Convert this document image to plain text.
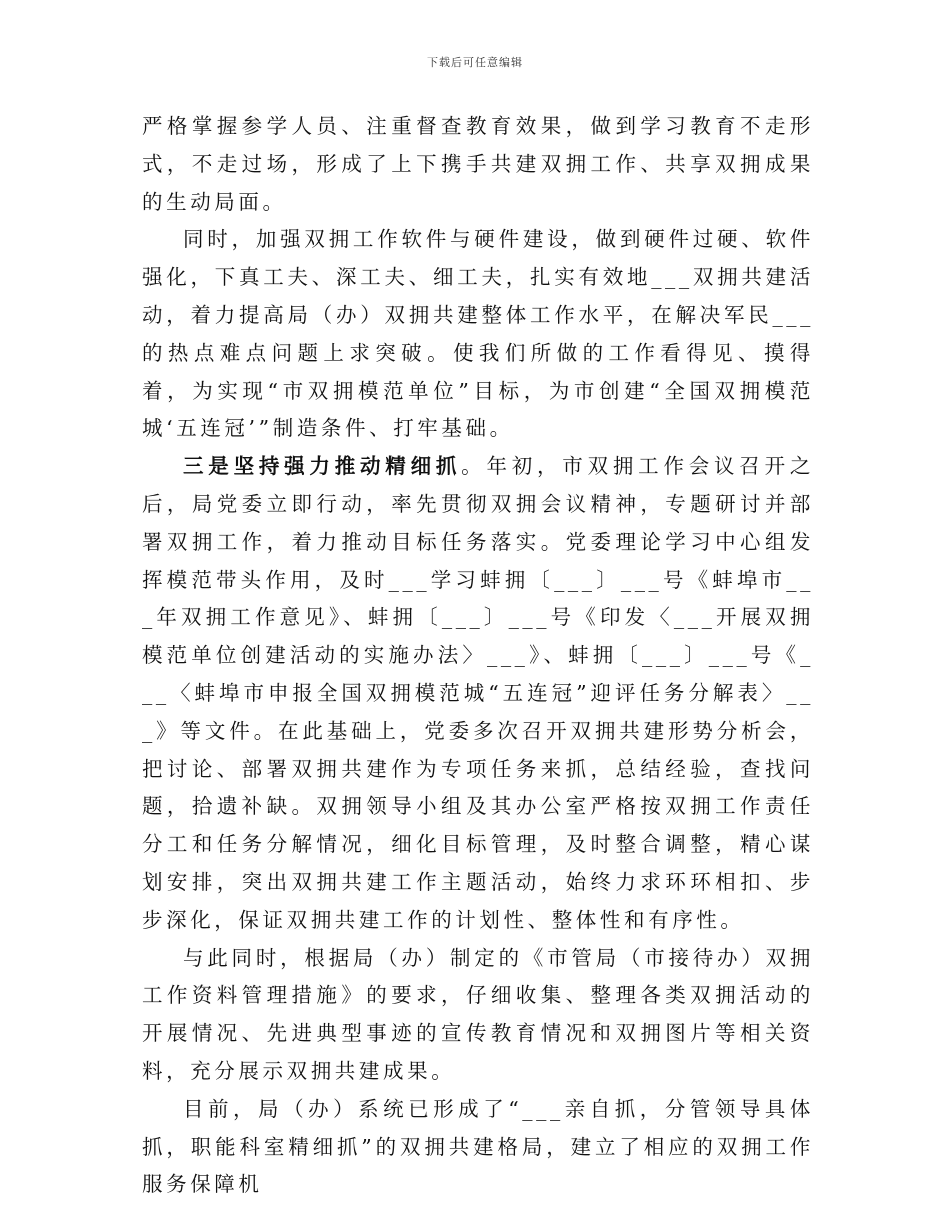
下载后可任意编辑

严格掌握参学人员、注重督查教育效果，做到学习教育不走形式，不走过场，形成了上下携手共建双拥工作、共享双拥成果的生动局面。

同时，加强双拥工作软件与硬件建设，做到硬件过硬、软件强化，下真工夫、深工夫、细工夫，扎实有效地___双拥共建活动，着力提高局（办）双拥共建整体工作水平，在解决军民___的热点难点问题上求突破。使我们所做的工作看得见、摸得着，为实现“市双拥模范单位”目标，为市创建“全国双拥模范城‘五连冠’”制造条件、打牢基础。

三是坚持强力推动精细抓。年初，市双拥工作会议召开之后，局党委立即行动，率先贯彻双拥会议精神，专题研讨并部署双拥工作，着力推动目标任务落实。党委理论学习中心组发挥模范带头作用，及时___学习蚌拥〔___〕___号《蚌埠市___年双拥工作意见》、蚌拥〔___〕___号《印发〈___开展双拥模范单位创建活动的实施办法〉___》、蚌拥〔___〕___号《___〈蚌埠市申报全国双拥模范城“五连冠”迎评任务分解表〉___》等文件。在此基础上，党委多次召开双拥共建形势分析会，把讨论、部署双拥共建作为专项任务来抓，总结经验，查找问题，拾遗补缺。双拥领导小组及其办公室严格按双拥工作责任分工和任务分解情况，细化目标管理，及时整合调整，精心谋划安排，突出双拥共建工作主题活动，始终力求环环相扣、步步深化，保证双拥共建工作的计划性、整体性和有序性。

与此同时，根据局（办）制定的《市管局（市接待办）双拥工作资料管理措施》的要求，仔细收集、整理各类双拥活动的开展情况、先进典型事迹的宣传教育情况和双拥图片等相关资料，充分展示双拥共建成果。

目前，局（办）系统已形成了“___亲自抓，分管领导具体抓，职能科室精细抓”的双拥共建格局，建立了相应的双拥工作服务保障机
